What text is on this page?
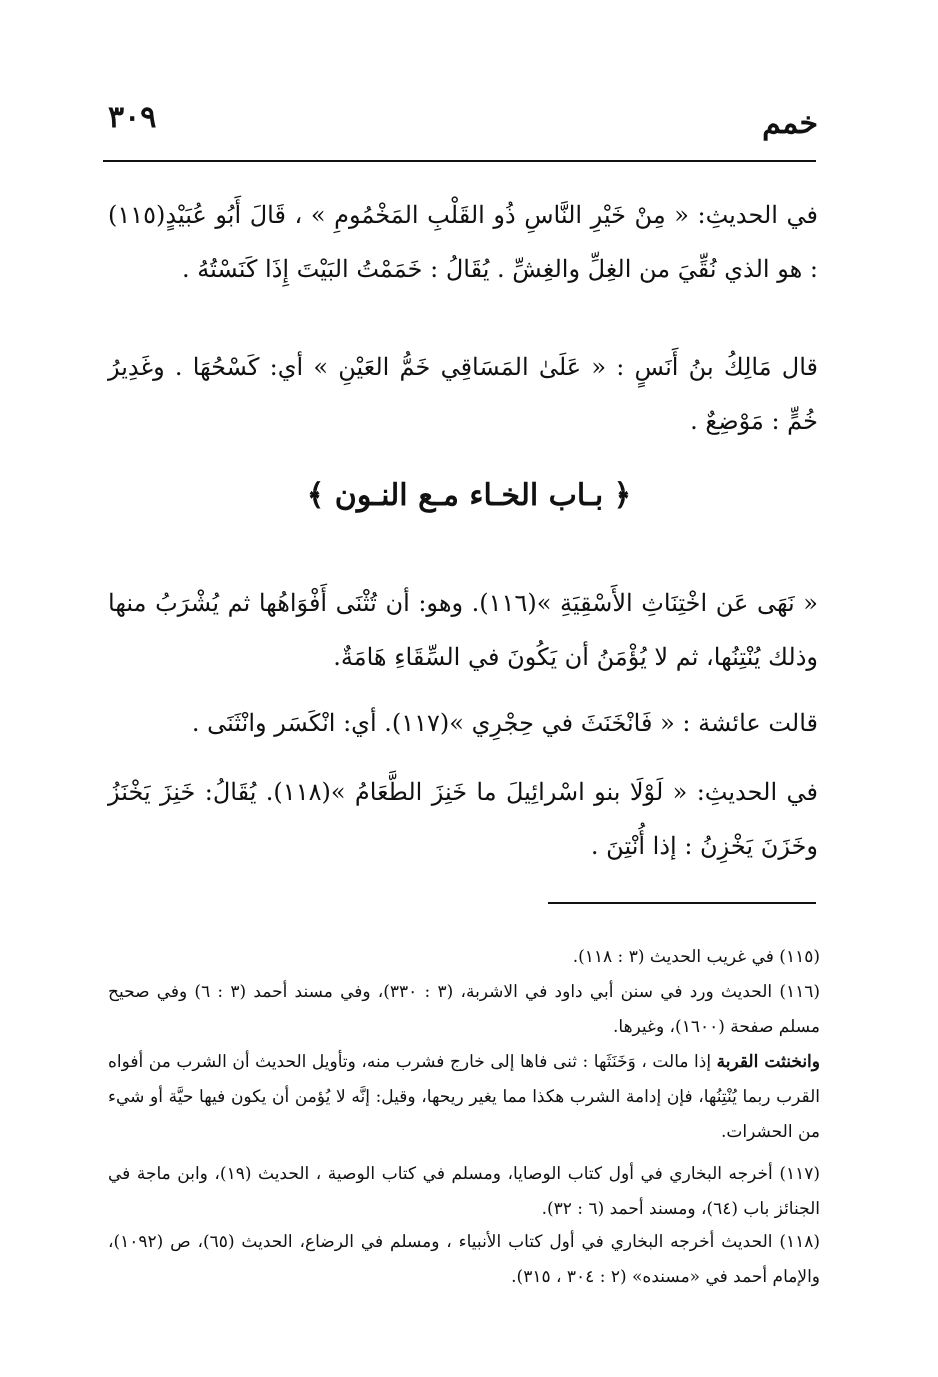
٣٠٩	خمم
في الحديثِ: « مِنْ خَيْرِ النَّاسِ ذُو القَلْبِ المَخْمُومِ » ، قَالَ أَبُو عُبَيْدٍ(١١٥) : هو الذي نُقِّيَ من الغِلِّ والغِشِّ . يُقَالُ : خَمَمْتُ البَيْتَ إِذَا كَنَسْتُهُ .
قال مَالِكُ بنُ أَنَسٍ : « عَلَىٰ المَسَاقِي خَمُّ العَيْنِ » أي: كَسْحُهَا . وغَدِيرُ خُمٍّ : مَوْضِعٌ .
﴿ بـاب الخـاء مـع النـون ﴾
« نَهَى عَن اخْتِنَاثِ الأَسْقِيَةِ »(١١٦). وهو: أن تُثْنَى أَفْوَاهُها ثم يُشْرَبُ منها وذلك يُنْتِنُها، ثم لا يُؤْمَنُ أن يَكُونَ في السِّقَاءِ هَامَةٌ.
قالت عائشة : « فَانْخَنَثَ في حِجْرِي »(١١٧). أي: انْكَسَر وانْثَنَى .
في الحديثِ: « لَوْلَا بنو اسْرائِيلَ ما خَنِزَ الطَّعَامُ »(١١٨). يُقَالُ: خَنِزَ يَخْنَزُ وخَزَنَ يَخْزِنُ : إذا أُنْتِنَ .
(١١٥) في غريب الحديث (٣ : ١١٨).
(١١٦) الحديث ورد في سنن أبي داود في الاشربة، (٣ : ٣٣٠)، وفي مسند أحمد (٣ : ٦) وفي صحيح مسلم صفحة (١٦٠٠)، وغيرها.
وانخنثت القربة إذا مالت ، وَخَنَثَها : ثنى فاها إلى خارج فشرب منه، وتأويل الحديث أن الشرب من أفواه القرب ربما يُنْتِنُها، فإن إدامة الشرب هكذا مما يغير ريحها، وقيل: إنَّه لا يُؤمن أن يكون فيها حيَّة أو شيء من الحشرات.
(١١٧) أخرجه البخاري في أول كتاب الوصايا، ومسلم في كتاب الوصية ، الحديث (١٩)، وابن ماجة في الجنائز باب (٦٤)، ومسند أحمد (٦ : ٣٢).
(١١٨) الحديث أخرجه البخاري في أول كتاب الأنبياء ، ومسلم في الرضاع، الحديث (٦٥)، ص (١٠٩٢)، والإمام أحمد في «مسنده» (٢ : ٣٠٤ ، ٣١٥).
